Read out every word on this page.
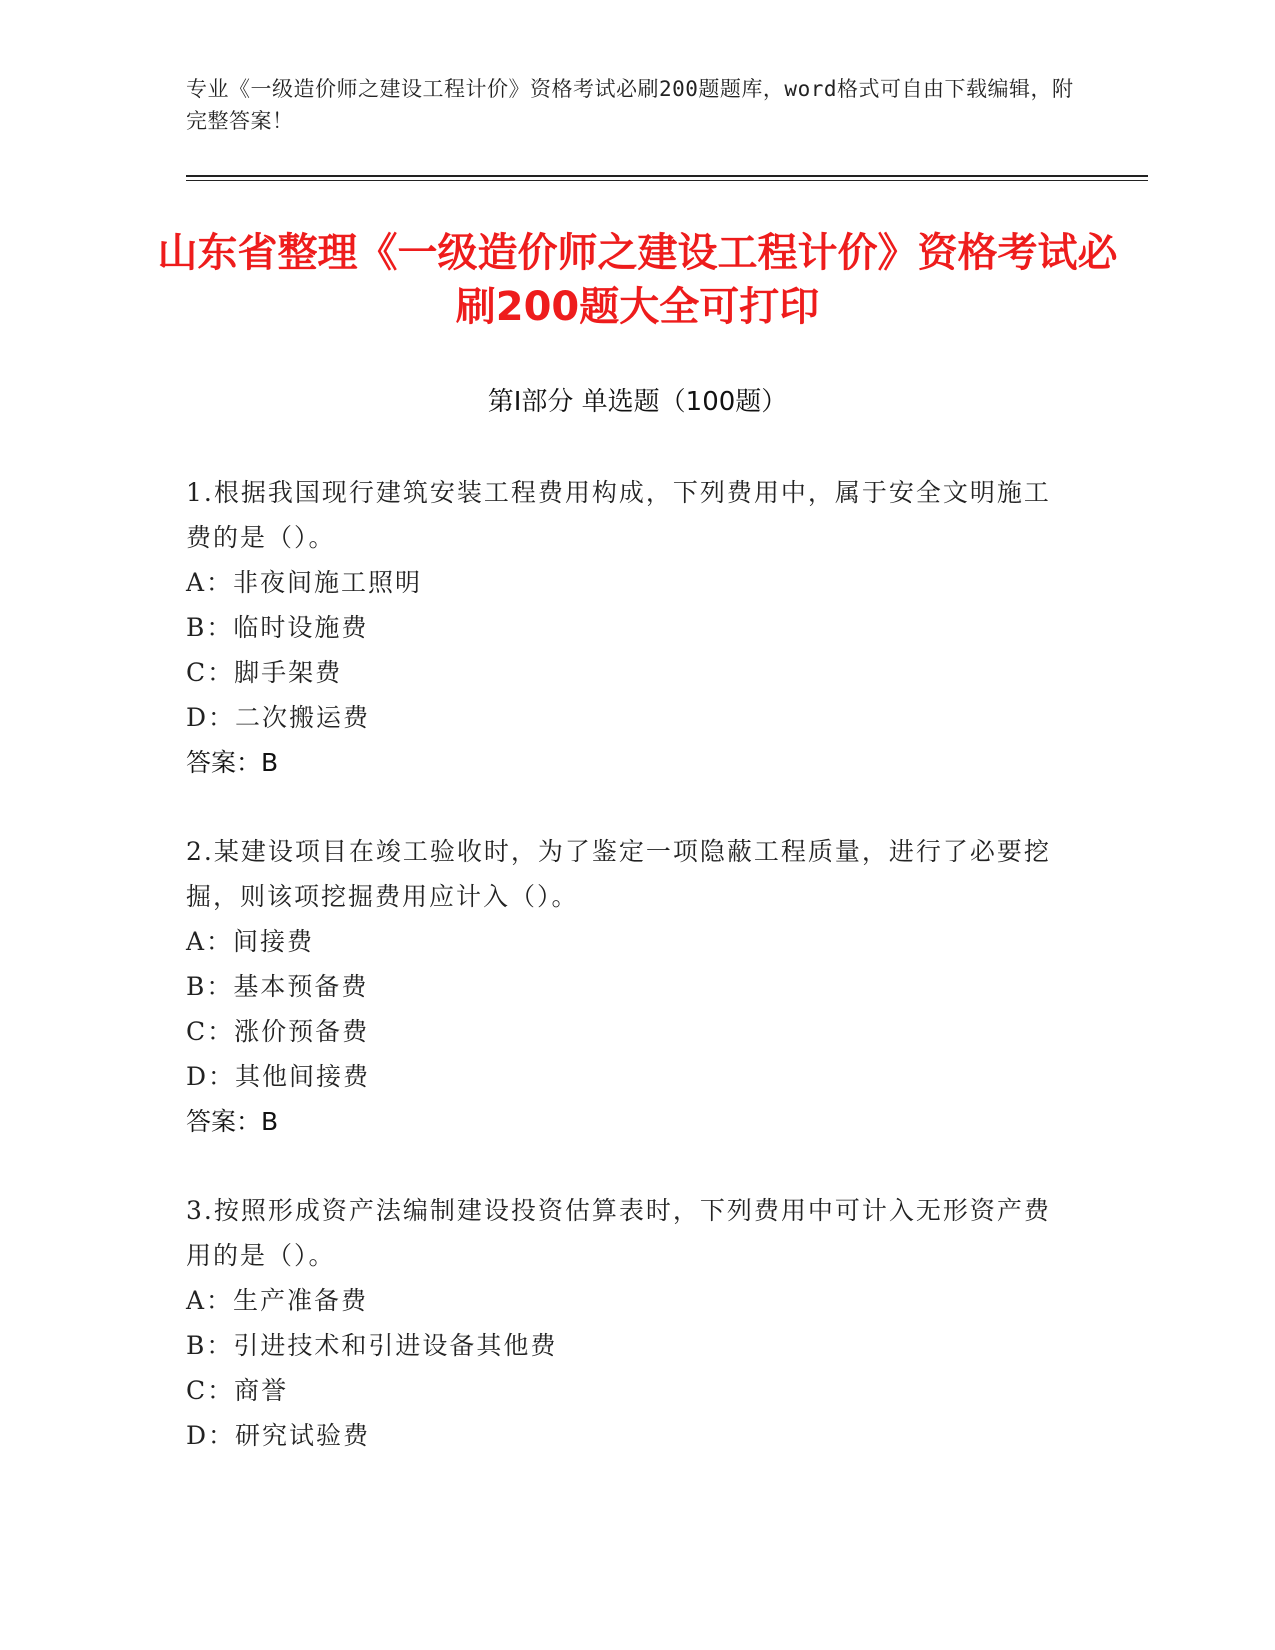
专业《一级造价师之建设工程计价》资格考试必刷200题题库，word格式可自由下载编辑，附完整答案！
山东省整理《一级造价师之建设工程计价》资格考试必刷200题大全可打印
第Ⅰ部分 单选题（100题）
1.根据我国现行建筑安装工程费用构成，下列费用中，属于安全文明施工费的是（）。
A：非夜间施工照明
B：临时设施费
C：脚手架费
D：二次搬运费
答案：B
2.某建设项目在竣工验收时，为了鉴定一项隐蔽工程质量，进行了必要挖掘，则该项挖掘费用应计入（）。
A：间接费
B：基本预备费
C：涨价预备费
D：其他间接费
答案：B
3.按照形成资产法编制建设投资估算表时，下列费用中可计入无形资产费用的是（）。
A：生产准备费
B：引进技术和引进设备其他费
C：商誉
D：研究试验费
